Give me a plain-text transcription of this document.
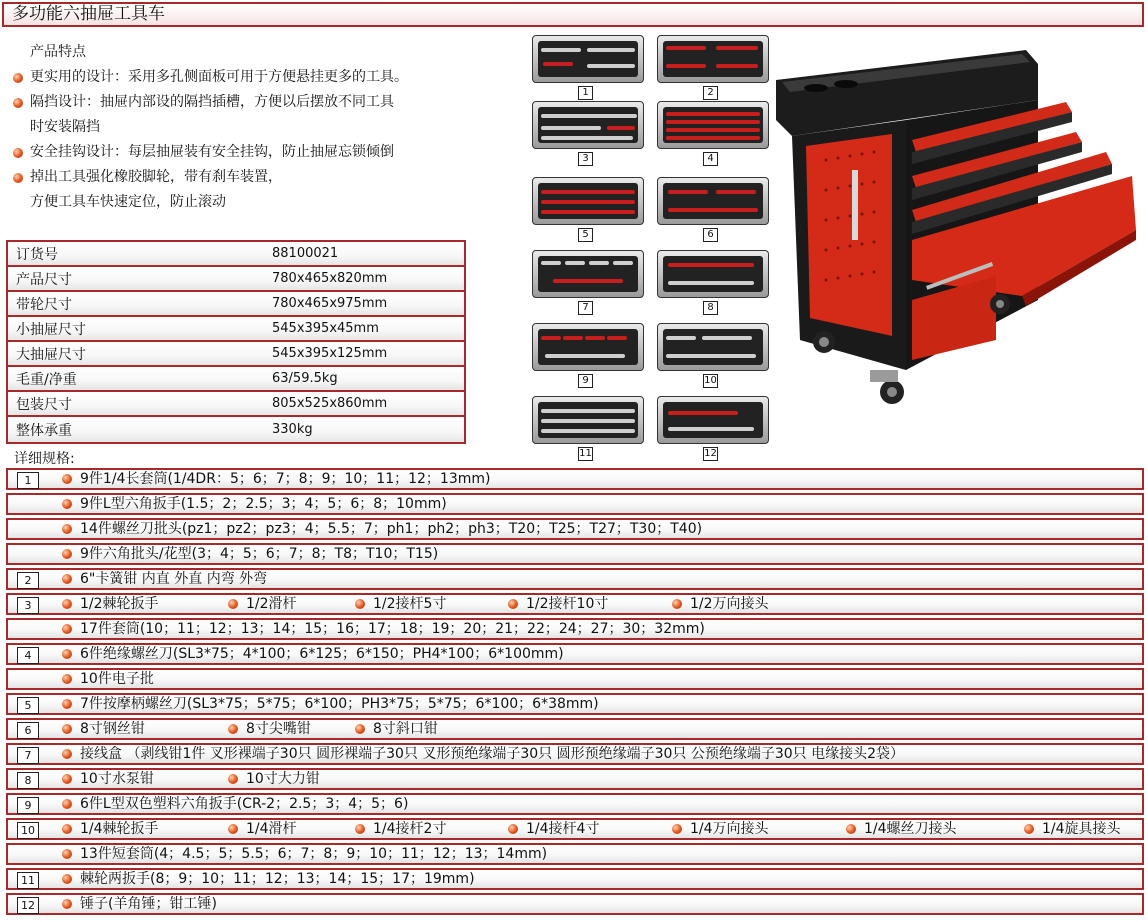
多功能六抽屉工具车
产品特点
更实用的设计：采用多孔侧面板可用于方便悬挂更多的工具。
隔挡设计：抽屉内部设的隔挡插槽，方便以后摆放不同工具
时安装隔挡
安全挂钩设计：每层抽屉装有安全挂钩，防止抽屉忘锁倾倒
掉出工具强化橡胶脚轮，带有刹车装置，
方便工具车快速定位，防止滚动
订货号	88100021
产品尺寸	780x465x820mm
带轮尺寸	780x465x975mm
小抽屉尺寸	545x395x45mm
大抽屉尺寸	545x395x125mm
毛重/净重	63/59.5kg
包装尺寸	805x525x860mm
整体承重	330kg
1	2
3	4
5	6
7	8
9	10
11	12
详细规格:
1	9件1/4长套筒(1/4DR：5；6；7；8；9；10；11；12；13mm)
9件L型六角扳手(1.5；2；2.5；3；4；5；6；8；10mm)
14件螺丝刀批头(pz1；pz2；pz3；4；5.5；7；ph1；ph2；ph3；T20；T25；T27；T30；T40)
9件六角批头/花型(3；4；5；6；7；8；T8；T10；T15)
2	6"卡簧钳 内直 外直 内弯 外弯
3	1/2棘轮扳手	1/2滑杆	1/2接杆5寸	1/2接杆10寸	1/2万向接头
17件套筒(10；11；12；13；14；15；16；17；18；19；20；21；22；24；27；30；32mm)
4	6件绝缘螺丝刀(SL3*75；4*100；6*125；6*150；PH4*100；6*100mm)
10件电子批
5	7件按摩柄螺丝刀(SL3*75；5*75；6*100；PH3*75；5*75；6*100；6*38mm)
6	8寸钢丝钳	8寸尖嘴钳	8寸斜口钳
7	接线盒 （剥线钳1件 叉形裸端子30只 圆形裸端子30只 叉形预绝缘端子30只 圆形预绝缘端子30只 公预绝缘端子30只 电缘接头2袋）
8	10寸水泵钳	10寸大力钳
9	6件L型双色塑料六角扳手(CR-2；2.5；3；4；5；6)
10	1/4棘轮扳手	1/4滑杆	1/4接杆2寸	1/4接杆4寸	1/4万向接头	1/4螺丝刀接头	1/4旋具接头
13件短套筒(4；4.5；5；5.5；6；7；8；9；10；11；12；13；14mm)
11	棘轮两扳手(8；9；10；11；12；13；14；15；17；19mm)
12	锤子(羊角锤；钳工锤)
